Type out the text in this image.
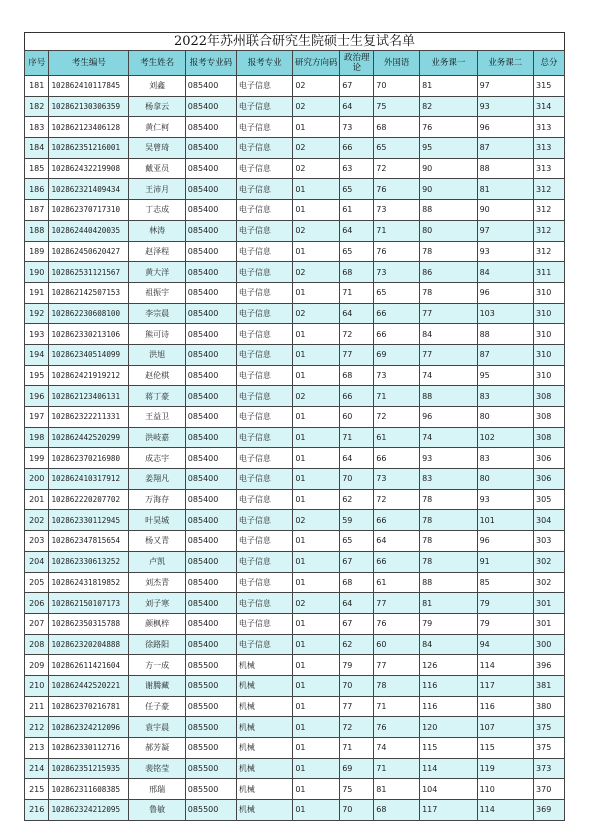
2022年苏州联合研究生院硕士生复试名单
序号	考生编号	考生姓名	报考专业码	报考专业	研究方向码	政治理论	外国语	业务课一	业务课二	总分
181	102862410117845	刘鑫	085400	电子信息	02	67	70	81	97	315
182	102862130306359	杨拿云	085400	电子信息	02	64	75	82	93	314
183	102862123406128	黄仁柯	085400	电子信息	01	73	68	76	96	313
184	102862351216001	吴曾琦	085400	电子信息	02	66	65	95	87	313
185	102862432219908	戴亚员	085400	电子信息	02	63	72	90	88	313
186	102862321409434	王沛月	085400	电子信息	01	65	76	90	81	312
187	102862370717310	丁志成	085400	电子信息	01	61	73	88	90	312
188	102862440420035	林涛	085400	电子信息	02	64	71	80	97	312
189	102862450620427	赵泽程	085400	电子信息	01	65	76	78	93	312
190	102862531121567	黄大洋	085400	电子信息	02	68	73	86	84	311
191	102862142507153	祖振宇	085400	电子信息	01	71	65	78	96	310
192	102862230608100	李宗晨	085400	电子信息	02	64	66	77	103	310
193	102862330213106	熊可诗	085400	电子信息	01	72	66	84	88	310
194	102862340514099	洪旭	085400	电子信息	01	77	69	77	87	310
195	102862421919212	赵伦棋	085400	电子信息	01	68	73	74	95	310
196	102862123406131	蒋丁豪	085400	电子信息	02	66	71	88	83	308
197	102862322211331	王益卫	085400	电子信息	01	60	72	96	80	308
198	102862442520299	洪岐嘉	085400	电子信息	01	71	61	74	102	308
199	102862370216980	成志宇	085400	电子信息	01	64	66	93	83	306
200	102862410317912	姜翔凡	085400	电子信息	01	70	73	83	80	306
201	102862220207702	万海存	085400	电子信息	01	62	72	78	93	305
202	102862330112945	叶昊城	085400	电子信息	02	59	66	78	101	304
203	102862347815654	杨又青	085400	电子信息	01	65	64	78	96	303
204	102862330613252	卢凯	085400	电子信息	01	67	66	78	91	302
205	102862431819852	刘杰青	085400	电子信息	01	68	61	88	85	302
206	102862150107173	刘子寒	085400	电子信息	02	64	77	81	79	301
207	102862350315788	颜枫梓	085400	电子信息	01	67	76	79	79	301
208	102862320204888	徐路阳	085400	电子信息	01	62	60	84	94	300
209	102862611421604	方一成	085500	机械	01	79	77	126	114	396
210	102862442520221	谢腾藏	085500	机械	01	70	78	116	117	381
211	102862370216781	任子豪	085500	机械	01	77	71	116	116	380
212	102862324212096	袁宇晨	085500	机械	01	72	76	120	107	375
213	102862330112716	郝芳凝	085500	机械	01	71	74	115	115	375
214	102862351215935	裴铭莹	085500	机械	01	69	71	114	119	373
215	102862311608385	邢瑞	085500	机械	01	75	81	104	110	370
216	102862324212095	鲁敏	085500	机械	01	70	68	117	114	369
